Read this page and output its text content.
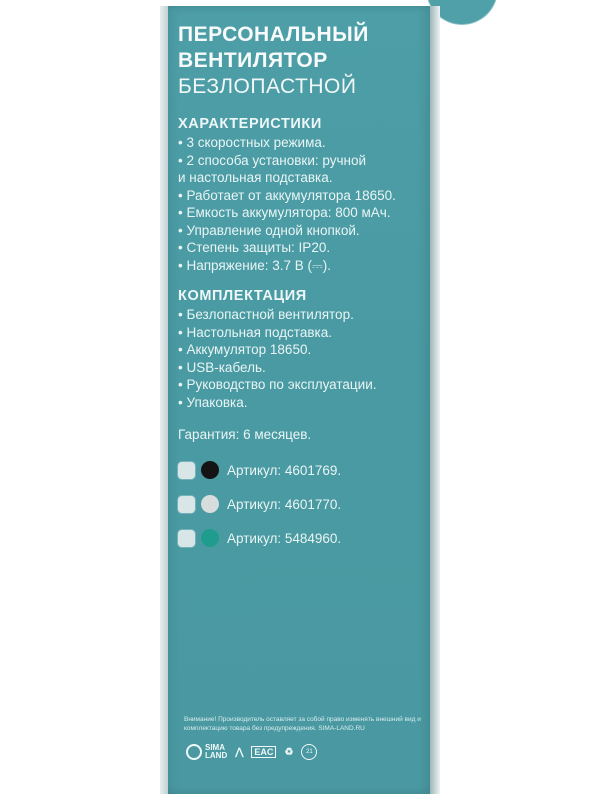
ПЕРСОНАЛЬНЫЙ
ВЕНТИЛЯТОР
БЕЗЛОПАСТНОЙ
ХАРАКТЕРИСТИКИ
• 3 скоростных режима.
• 2 способа установки: ручной
и настольная подставка.
• Работает от аккумулятора 18650.
• Емкость аккумулятора: 800 мАч.
• Управление одной кнопкой.
• Степень защиты: IP20.
• Напряжение: 3.7 В (⎓).
КОМПЛЕКТАЦИЯ
• Безлопастной вентилятор.
• Настольная подставка.
• Аккумулятор 18650.
• USB-кабель.
• Руководство по эксплуатации.
• Упаковка.
Гарантия: 6 месяцев.
Артикул: 4601769.
Артикул: 4601770.
Артикул: 5484960.
Внимание! Производитель оставляет за собой право изменять внешний вид и комплектацию товара без предупреждения. SIMA-LAND.RU
SIMA
LAND ⋀	EAC	♻	21
